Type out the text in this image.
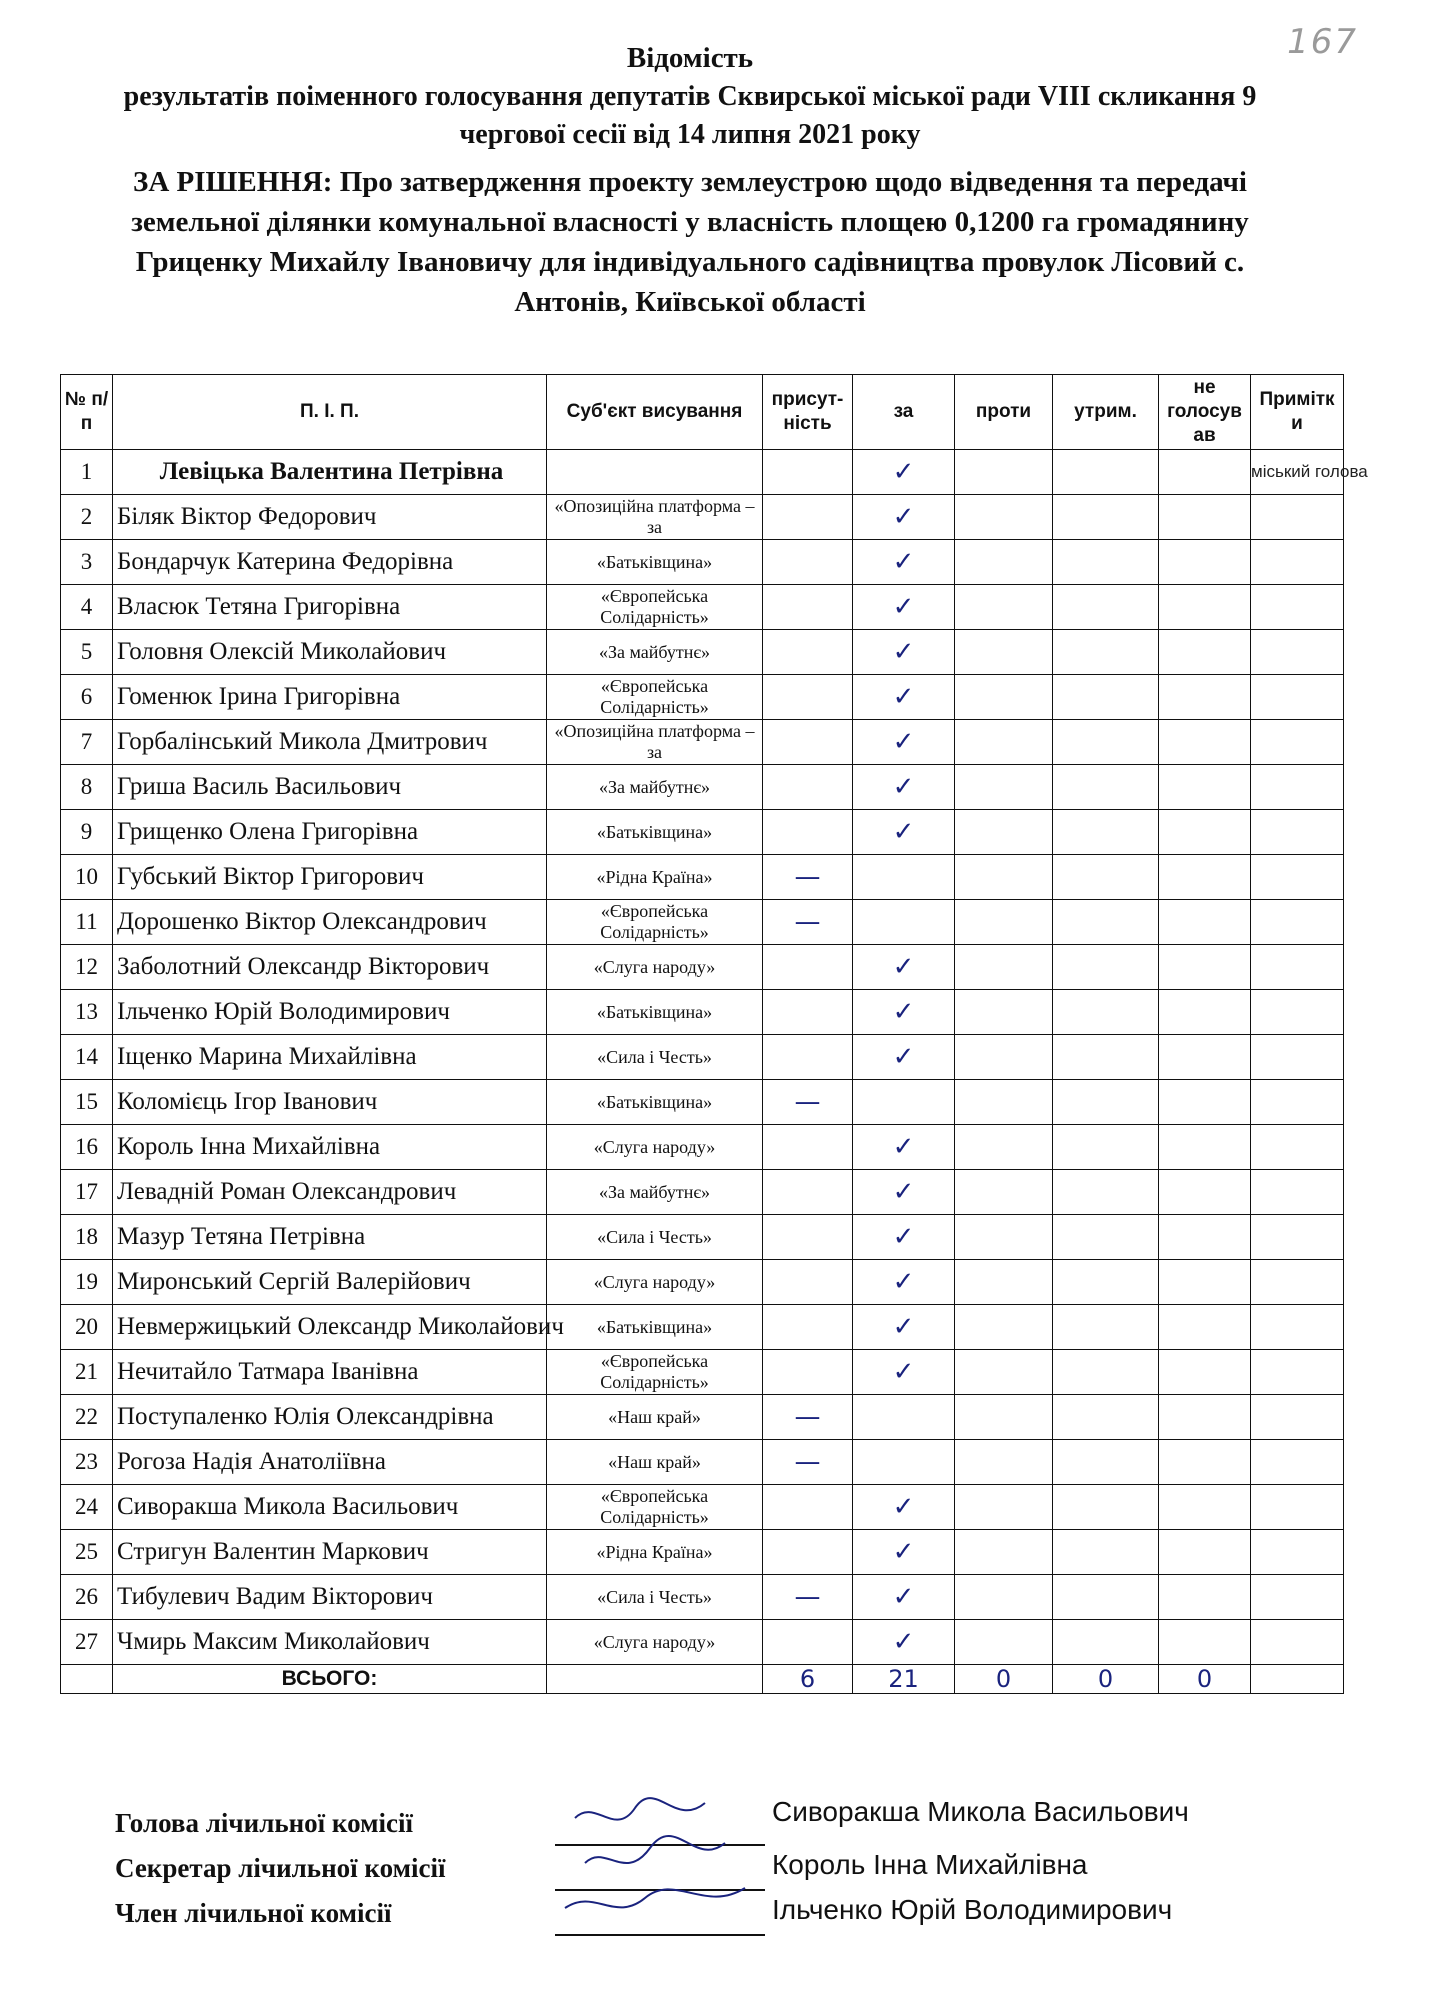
167
Відомість
результатів поіменного голосування депутатів Сквирської міської ради VIII скликання 9
чергової сесії від 14 липня 2021 року
ЗА РІШЕННЯ: Про затвердження проекту землеустрою щодо відведення та передачі
земельної ділянки комунальної власності у власність площею 0,1200 га громадянину
Гриценку Михайлу Івановичу для індивідуального садівництва провулок Лісовий с.
Антонів, Київської області
№ п/п	П. І. П.	Суб'єкт висування	присут-ність	за	проти	утрим.	не голосув ав	Примітк и
1	Левіцька Валентина Петрівна			✓				міський голова
2	Біляк Віктор Федорович	«Опозиційна платформа – за		✓				
3	Бондарчук Катерина Федорівна	«Батьківщина»		✓				
4	Власюк Тетяна Григорівна	«Європейська Солідарність»		✓				
5	Головня Олексій Миколайович	«За майбутнє»		✓				
6	Гоменюк Ірина Григорівна	«Європейська Солідарність»		✓				
7	Горбалінський Микола Дмитрович	«Опозиційна платформа – за		✓				
8	Гриша Василь Васильович	«За майбутнє»		✓				
9	Грищенко Олена Григорівна	«Батьківщина»		✓				
10	Губський Віктор Григорович	«Рідна Країна»	—					
11	Дорошенко Віктор Олександрович	«Європейська Солідарність»	—					
12	Заболотний Олександр Вікторович	«Слуга народу»		✓				
13	Ільченко Юрій Володимирович	«Батьківщина»		✓				
14	Іщенко Марина Михайлівна	«Сила і Честь»		✓				
15	Коломієць Ігор Іванович	«Батьківщина»	—					
16	Король Інна Михайлівна	«Слуга народу»		✓				
17	Левадній Роман Олександрович	«За майбутнє»		✓				
18	Мазур Тетяна Петрівна	«Сила і Честь»		✓				
19	Миронський Сергій Валерійович	«Слуга народу»		✓				
20	Невмержицький Олександр Миколайович	«Батьківщина»		✓				
21	Нечитайло Татмара Іванівна	«Європейська Солідарність»		✓				
22	Поступаленко Юлія Олександрівна	«Наш край»	—					
23	Рогоза Надія Анатоліївна	«Наш край»	—					
24	Сиворакша Микола Васильович	«Європейська Солідарність»		✓				
25	Стригун Валентин Маркович	«Рідна Країна»		✓				
26	Тибулевич Вадим Вікторович	«Сила і Честь»	—	✓				
27	Чмирь Максим Миколайович	«Слуга народу»		✓				
	ВСЬОГО:		6	21	0	0	0	
Голова лічильної комісії	Сиворакша Микола Васильович
Секретар лічильної комісії	Король Інна Михайлівна
Член лічильної комісії	Ільченко Юрій Володимирович
